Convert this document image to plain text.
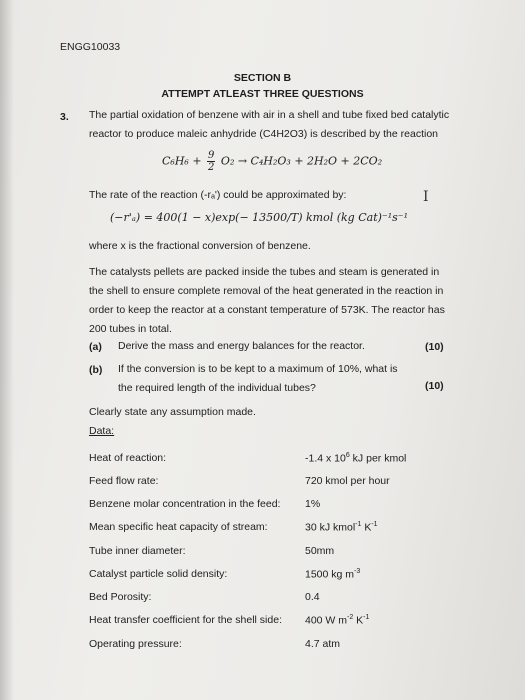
ENGG10033
SECTION B
ATTEMPT ATLEAST THREE QUESTIONS
3. The partial oxidation of benzene with air in a shell and tube fixed bed catalytic
reactor to produce maleic anhydride (C4H2O3) is described by the reaction
$C_6H_6 + \frac{9}{2} O_2 \to C_4H_2O_3 + 2H_2O + 2CO_2$
The rate of the reaction (-rₐ') could be approximated by:	I
(−r'ₐ) = 400(1 − x)exp(− 13500/T) kmol (kg Cat)⁻¹s⁻¹
where x is the fractional conversion of benzene.
The catalysts pellets are packed inside the tubes and steam is generated in
the shell to ensure complete removal of the heat generated in the reaction in
order to keep the reactor at a constant temperature of 573K. The reactor has
200 tubes in total.
(a) Derive the mass and energy balances for the reactor.	(10)
(b) If the conversion is to be kept to a maximum of 10%, what is
the required length of the individual tubes?	(10)
Clearly state any assumption made.
Data:
Heat of reaction:	-1.4 x $10^6$ kJ per kmol
Feed flow rate:	720 kmol per hour
Benzene molar concentration in the feed: 1%
Mean specific heat capacity of stream:	30 kJ kmol$^{-1}$ $K^{-1}$
Tube inner diameter:	50mm
Catalyst particle solid density:	1500 kg $m^{-3}$
Bed Porosity:	0.4
Heat transfer coefficient for the shell side: 400 W $m^{-2}$ $K^{-1}$
Operating pressure:	4.7 atm
